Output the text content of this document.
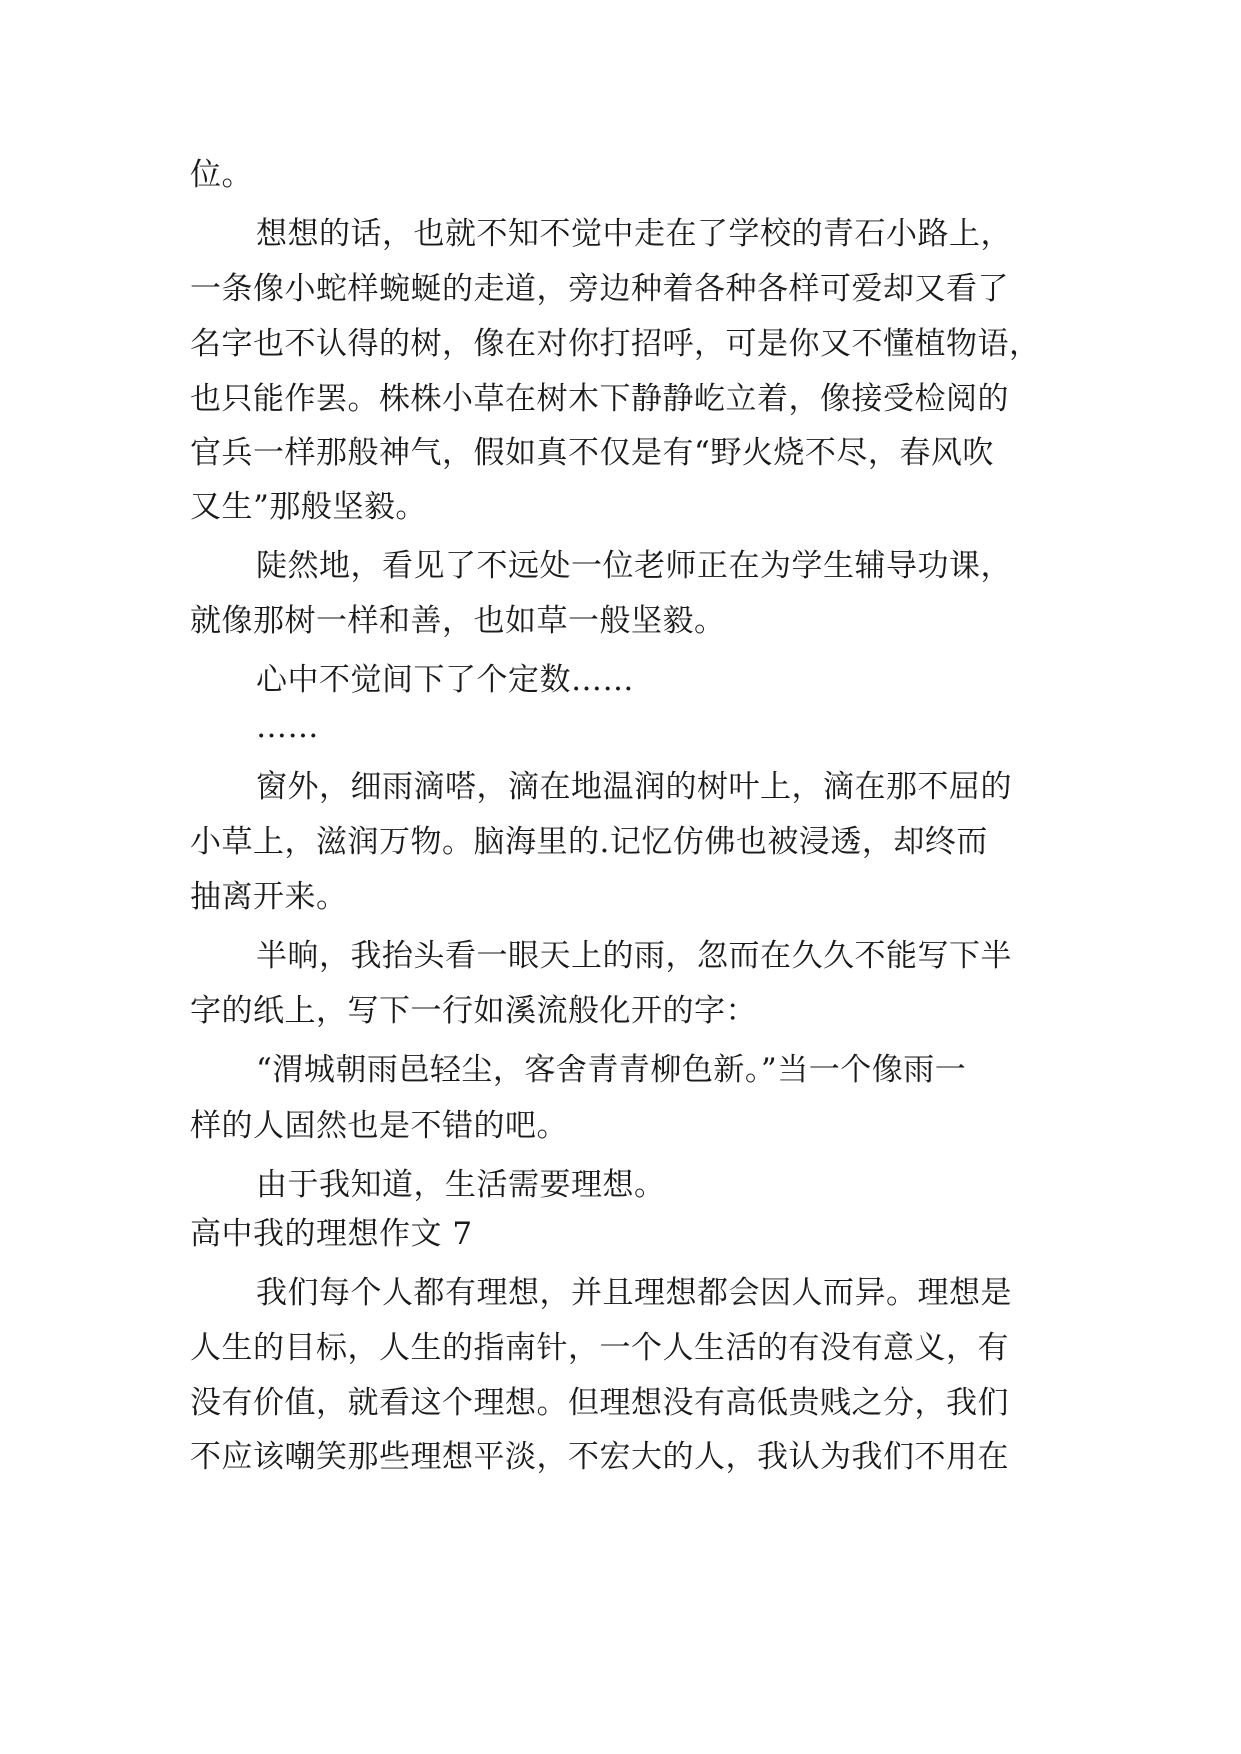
位。
想想的话，也就不知不觉中走在了学校的青石小路上，
一条像小蛇样蜿蜒的走道，旁边种着各种各样可爱却又看了
名字也不认得的树，像在对你打招呼，可是你又不懂植物语，
也只能作罢。株株小草在树木下静静屹立着，像接受检阅的
官兵一样那般神气，假如真不仅是有“野火烧不尽，春风吹
又生”那般坚毅。
陡然地，看见了不远处一位老师正在为学生辅导功课，
就像那树一样和善，也如草一般坚毅。
心中不觉间下了个定数……
……
窗外，细雨滴嗒，滴在地温润的树叶上，滴在那不屈的
小草上，滋润万物。脑海里的.记忆仿佛也被浸透，却终而
抽离开来。
半晌，我抬头看一眼天上的雨，忽而在久久不能写下半
字的纸上，写下一行如溪流般化开的字：
“渭城朝雨邑轻尘，客舍青青柳色新。”当一个像雨一
样的人固然也是不错的吧。
由于我知道，生活需要理想。
高中我的理想作文 7
我们每个人都有理想，并且理想都会因人而异。理想是
人生的目标，人生的指南针，一个人生活的有没有意义，有
没有价值，就看这个理想。但理想没有高低贵贱之分，我们
不应该嘲笑那些理想平淡，不宏大的人，我认为我们不用在
